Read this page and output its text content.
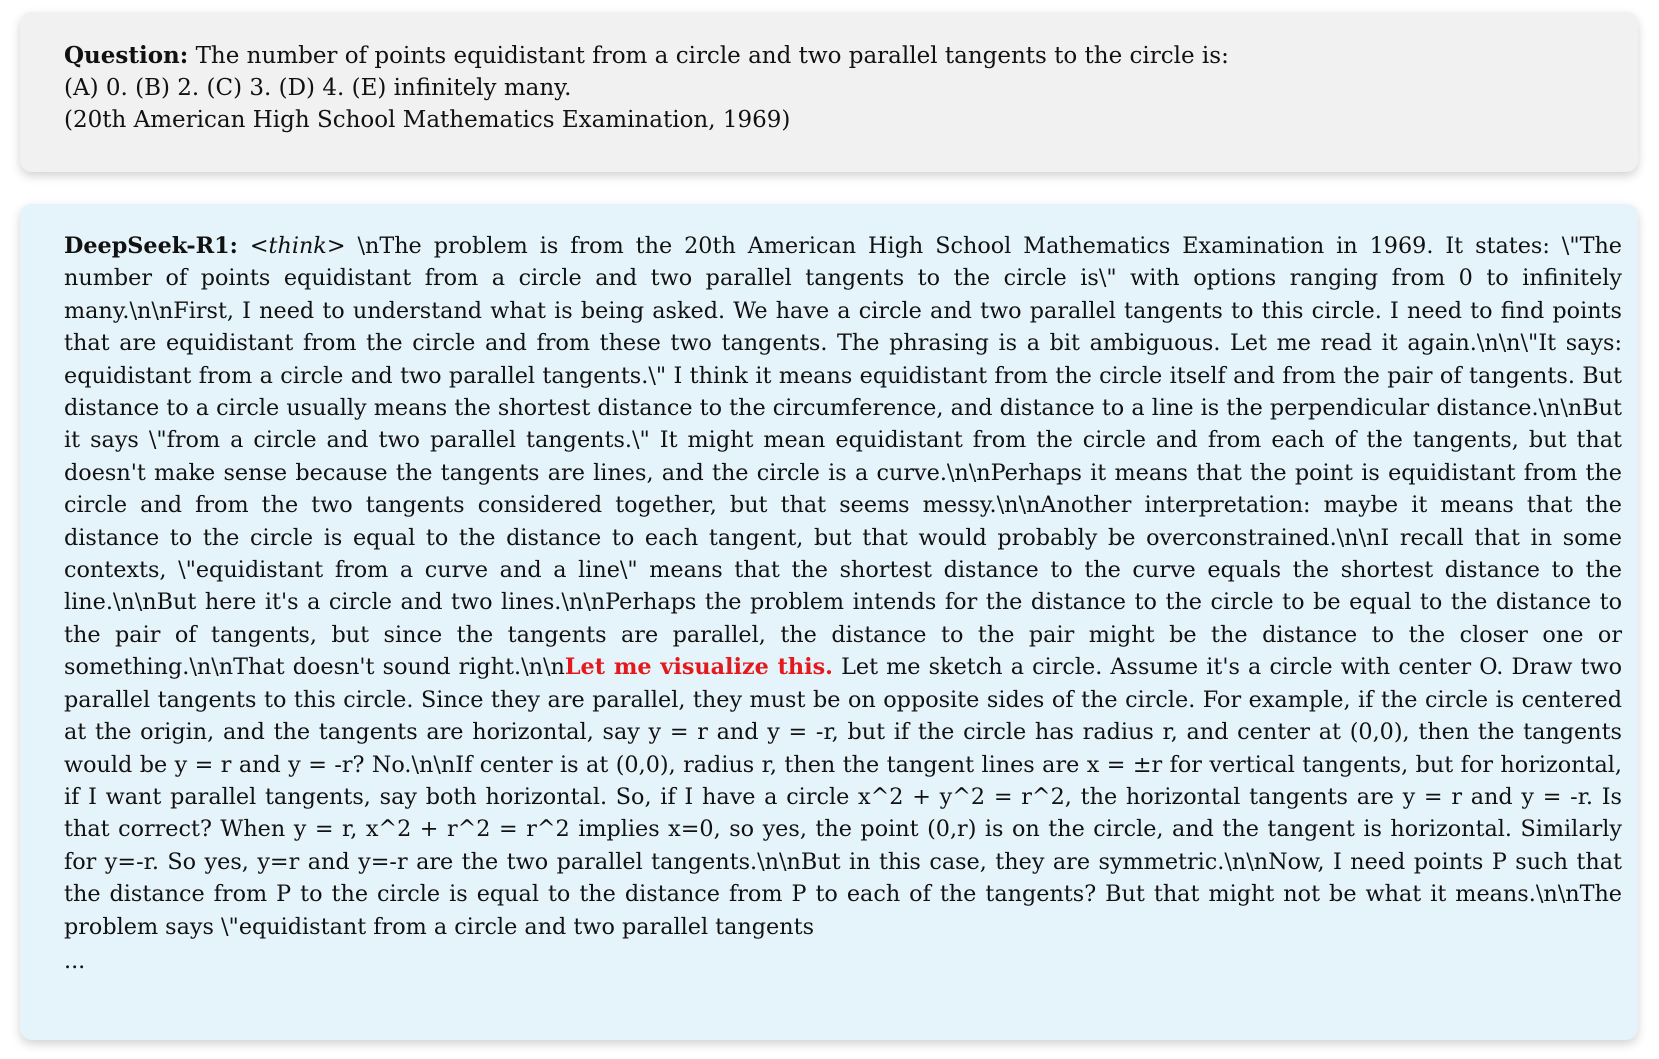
Question: The number of points equidistant from a circle and two parallel tangents to the circle is:
(A) 0. (B) 2. (C) 3. (D) 4. (E) infinitely many.
(20th American High School Mathematics Examination, 1969)

DeepSeek-R1: <think> \nThe problem is from the 20th American High School Mathematics Examination in 1969. It states: \"The number of points equidistant from a circle and two parallel tangents to the circle is\" with options ranging from 0 to infinitely many.\n\nFirst, I need to understand what is being asked. We have a circle and two parallel tangents to this circle. I need to find points that are equidistant from the circle and from these two tangents. The phrasing is a bit ambiguous. Let me read it again.\n\n\"It says: equidistant from a circle and two parallel tangents.\" I think it means equidistant from the circle itself and from the pair of tangents. But distance to a circle usually means the shortest distance to the circumference, and distance to a line is the perpendicular distance.\n\nBut it says \"from a circle and two parallel tangents.\" It might mean equidistant from the circle and from each of the tangents, but that doesn't make sense because the tangents are lines, and the circle is a curve.\n\nPerhaps it means that the point is equidistant from the circle and from the two tangents considered together, but that seems messy.\n\nAnother interpretation: maybe it means that the distance to the circle is equal to the distance to each tangent, but that would probably be overconstrained.\n\nI recall that in some contexts, \"equidistant from a curve and a line\" means that the shortest distance to the curve equals the shortest distance to the line.\n\nBut here it's a circle and two lines.\n\nPerhaps the problem intends for the distance to the circle to be equal to the distance to the pair of tangents, but since the tangents are parallel, the distance to the pair might be the distance to the closer one or something.\n\nThat doesn't sound right.\n\nLet me visualize this. Let me sketch a circle. Assume it's a circle with center O. Draw two parallel tangents to this circle. Since they are parallel, they must be on opposite sides of the circle. For example, if the circle is centered at the origin, and the tangents are horizontal, say y = r and y = -r, but if the circle has radius r, and center at (0,0), then the tangents would be y = r and y = -r? No.\n\nIf center is at (0,0), radius r, then the tangent lines are x = ±r for vertical tangents, but for horizontal, if I want parallel tangents, say both horizontal. So, if I have a circle x^2 + y^2 = r^2, the horizontal tangents are y = r and y = -r. Is that correct? When y = r, x^2 + r^2 = r^2 implies x=0, so yes, the point (0,r) is on the circle, and the tangent is horizontal. Similarly for y=-r. So yes, y=r and y=-r are the two parallel tangents.\n\nBut in this case, they are symmetric.\n\nNow, I need points P such that the distance from P to the circle is equal to the distance from P to each of the tangents? But that might not be what it means.\n\nThe problem says \"equidistant from a circle and two parallel tangents

...
